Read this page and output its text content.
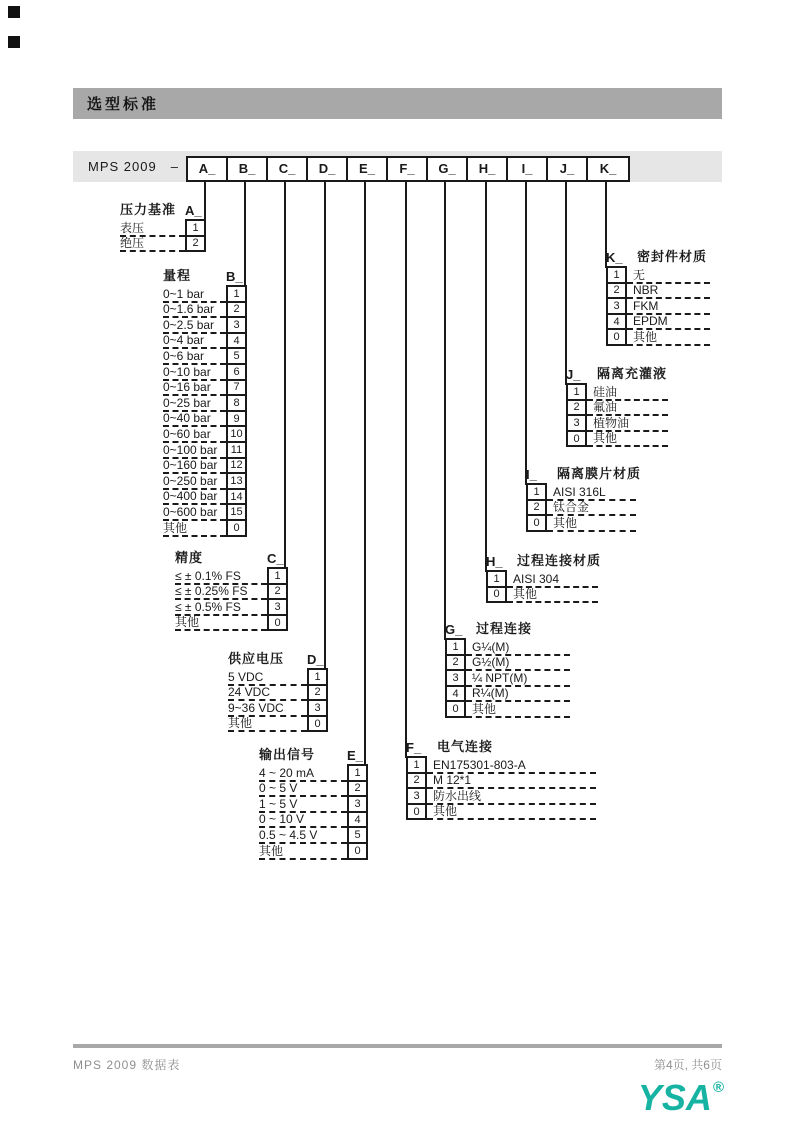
选型标准
MPS 2009 –	A_	B_	C_	D_	E_	F_	G_	H_	I_	J_	K_
压力基准 A_
表压	1
绝压	2
量程	B_
0~1 bar	1
0~1.6 bar	2
0~2.5 bar	3
0~4 bar	4
0~6 bar	5
0~10 bar	6
0~16 bar	7
0~25 bar	8
0~40 bar	9
0~60 bar	10
0~100 bar	11
0~160 bar	12
0~250 bar	13
0~400 bar	14
0~600 bar	15
其他	0
精度	C_
≤ ± 0.1% FS	1
≤ ± 0.25% FS	2
≤ ± 0.5% FS	3
其他	0
供应电压 D_
5 VDC	1
24 VDC	2
9~36 VDC	3
其他	0
输出信号 E_
4 ~ 20 mA	1
0 ~ 5 V	2
1 ~ 5 V	3
0 ~ 10 V	4
0.5 ~ 4.5 V	5
其他	0
F_	电气连接
1	EN175301-803-A
2	M 12*1
3	防水出线
0	其他
G_ 过程连接
1	G¼(M)
2	G½(M)
3	¼ NPT(M)
4	R¼(M)
0	其他
H_	过程连接材质
1	AISI 304
0	其他
I_	隔离膜片材质
1	AISI 316L
2	钛合金
0	其他
J_	隔离充灌液
1	硅油
2	氟油
3	植物油
0	其他
K_	密封件材质
1	无
2	NBR
3	FKM
4	EPDM
0	其他
MPS 2009 数据表	第4页, 共6页
YSA®
